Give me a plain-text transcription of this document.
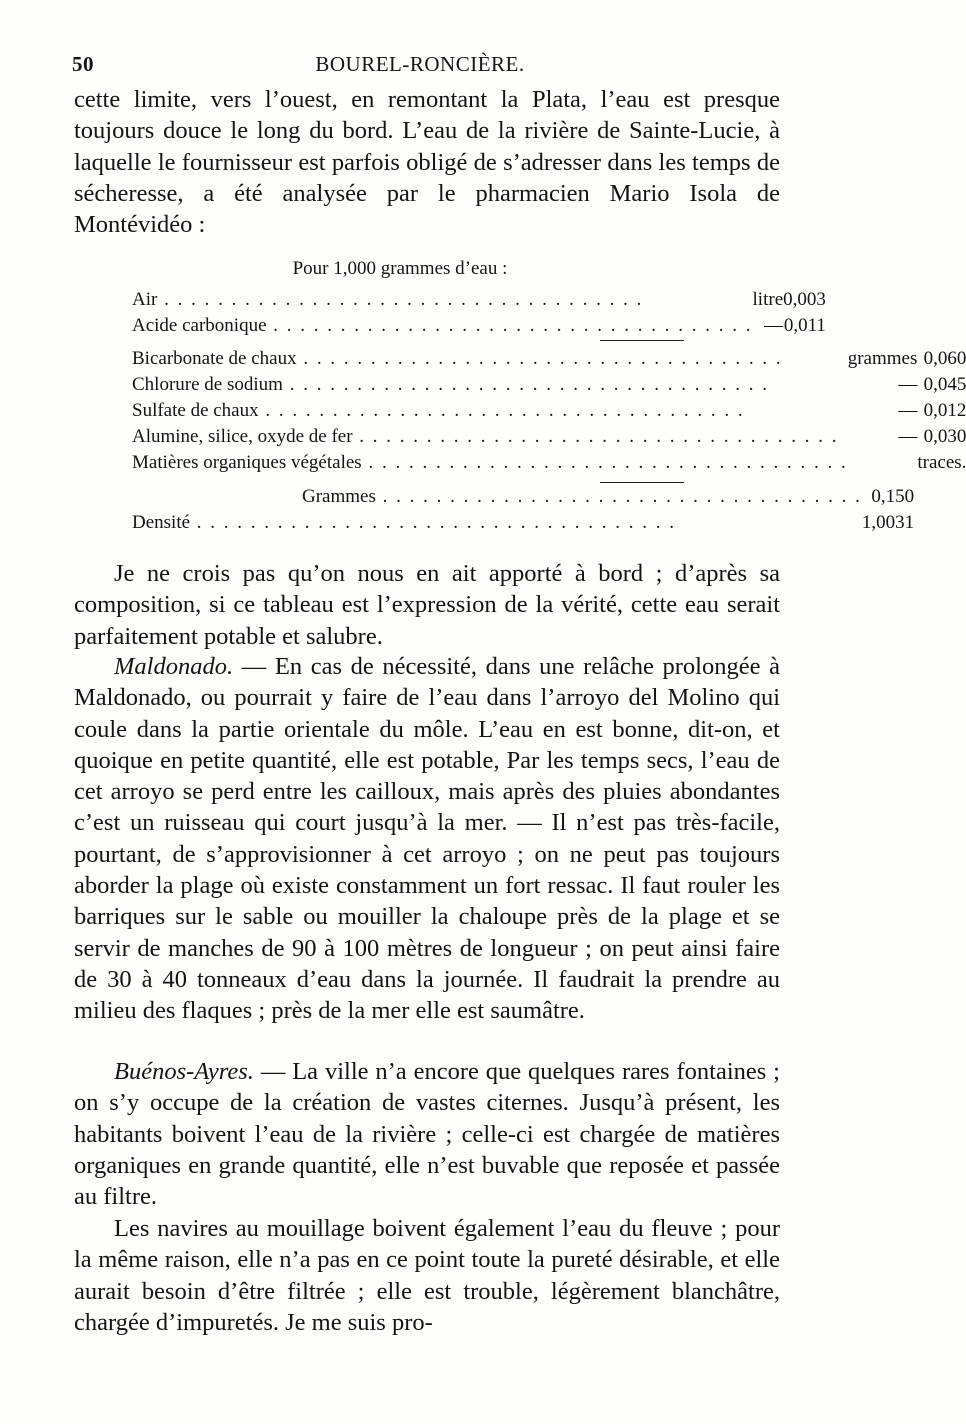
50	BOUREL-RONCIÈRE.

cette limite, vers l’ouest, en remontant la Plata, l’eau est presque toujours douce le long du bord. L’eau de la rivière de Sainte-Lucie, à laquelle le fournisseur est parfois obligé de s’adresser dans les temps de sécheresse, a été analysée par le pharmacien Mario Isola de Montévidéo :

Pour 1,000 grammes d’eau :
Air . . .	litre	0,003
Acide carbonique . . .	—	0,011
Bicarbonate de chaux . . .	grammes	0,060
Chlorure de sodium . . .	—	0,045
Sulfate de chaux . . .	—	0,012
Alumine, silice, oxyde de fer . . .	—	0,030
Matières organiques végétales . . .		traces.
Grammes . . .		0,150
Densité . . .		1,0031

Je ne crois pas qu’on nous en ait apporté à bord ; d’après sa composition, si ce tableau est l’expression de la vérité, cette eau serait parfaitement potable et salubre.

Maldonado. — En cas de nécessité, dans une relâche prolongée à Maldonado, ou pourrait y faire de l’eau dans l’arroyo del Molino qui coule dans la partie orientale du môle. L’eau en est bonne, dit-on, et quoique en petite quantité, elle est potable, Par les temps secs, l’eau de cet arroyo se perd entre les cailloux, mais après des pluies abondantes c’est un ruisseau qui court jusqu’à la mer. — Il n’est pas très-facile, pourtant, de s’approvisionner à cet arroyo ; on ne peut pas toujours aborder la plage où existe constamment un fort ressac. Il faut rouler les barriques sur le sable ou mouiller la chaloupe près de la plage et se servir de manches de 90 à 100 mètres de longueur ; on peut ainsi faire de 30 à 40 tonneaux d’eau dans la journée. Il faudrait la prendre au milieu des flaques ; près de la mer elle est saumâtre.

Buénos-Ayres. — La ville n’a encore que quelques rares fontaines ; on s’y occupe de la création de vastes citernes. Jusqu’à présent, les habitants boivent l’eau de la rivière ; celle-ci est chargée de matières organiques en grande quantité, elle n’est buvable que reposée et passée au filtre.

Les navires au mouillage boivent également l’eau du fleuve ; pour la même raison, elle n’a pas en ce point toute la pureté désirable, et elle aurait besoin d’être filtrée ; elle est trouble, légèrement blanchâtre, chargée d’impuretés. Je me suis pro-
